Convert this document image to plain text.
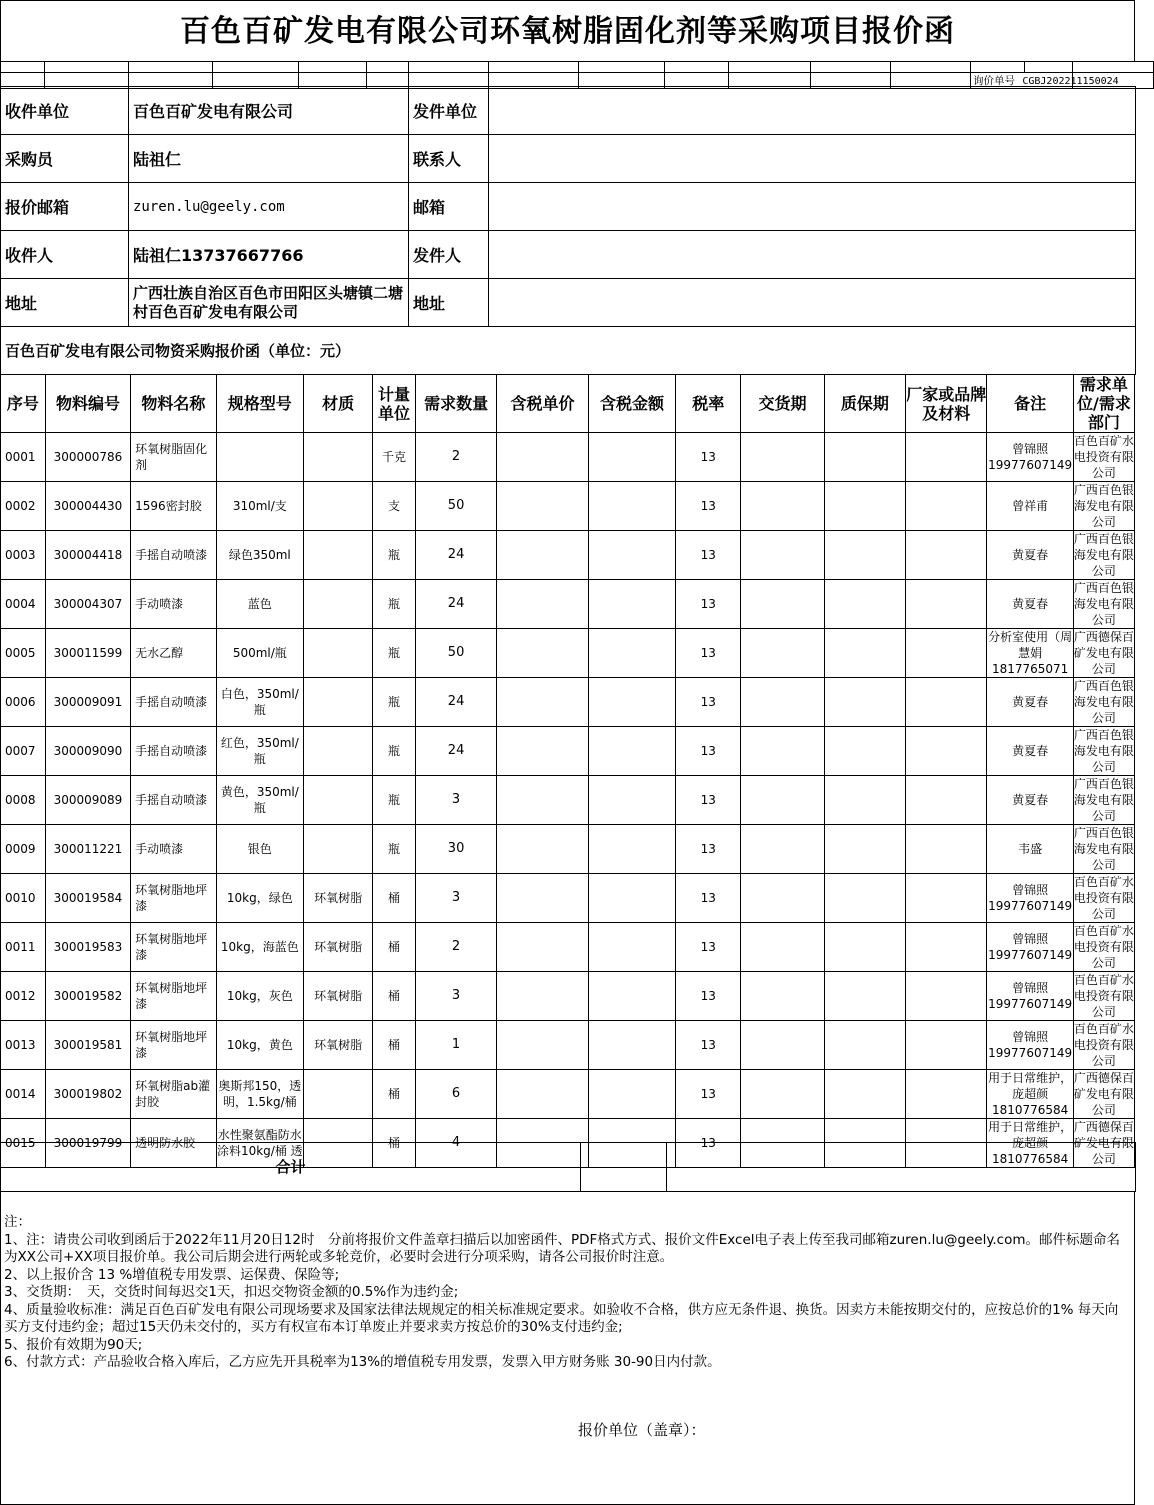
百色百矿发电有限公司环氧树脂固化剂等采购项目报价函

													询价单号 CGBJ202211150024		
收件单位	百色百矿发电有限公司	发件单位	
采购员	陆祖仁	联系人	
报价邮箱	zuren.lu@geely.com	邮箱	
收件人	陆祖仁13737667766	发件人	
地址	广西壮族自治区百色市田阳区头塘镇二塘村百色百矿发电有限公司	地址	
百色百矿发电有限公司物资采购报价函（单位：元）			
序号	物料编号	物料名称	规格型号	材质	计量单位	需求数量	含税单价	含税金额	税率	交货期	质保期	厂家或品牌及材料	备注	需求单位/需求部门
0001	300000786	环氧树脂固化剂			千克	2			13				曾锦照19977607149	百色百矿水电投资有限公司
0002	300004430	1596密封胶	310ml/支		支	50			13				曾祥甫	广西百色银海发电有限公司
0003	300004418	手摇自动喷漆	绿色350ml		瓶	24			13				黄夏春	广西百色银海发电有限公司
0004	300004307	手动喷漆	蓝色		瓶	24			13				黄夏春	广西百色银海发电有限公司
0005	300011599	无水乙醇	500ml/瓶		瓶	50			13				分析室使用（周慧娟1817765071	广西德保百矿发电有限公司
0006	300009091	手摇自动喷漆	白色，350ml/瓶		瓶	24			13				黄夏春	广西百色银海发电有限公司
0007	300009090	手摇自动喷漆	红色，350ml/瓶		瓶	24			13				黄夏春	广西百色银海发电有限公司
0008	300009089	手摇自动喷漆	黄色，350ml/瓶		瓶	3			13				黄夏春	广西百色银海发电有限公司
0009	300011221	手动喷漆	银色		瓶	30			13				韦盛	广西百色银海发电有限公司
0010	300019584	环氧树脂地坪漆	10kg，绿色	环氧树脂	桶	3			13				曾锦照19977607149	百色百矿水电投资有限公司
0011	300019583	环氧树脂地坪漆	10kg，海蓝色	环氧树脂	桶	2			13				曾锦照19977607149	百色百矿水电投资有限公司
0012	300019582	环氧树脂地坪漆	10kg，灰色	环氧树脂	桶	3			13				曾锦照19977607149	百色百矿水电投资有限公司
0013	300019581	环氧树脂地坪漆	10kg，黄色	环氧树脂	桶	1			13				曾锦照19977607149	百色百矿水电投资有限公司
0014	300019802	环氧树脂ab灌封胶	奥斯邦150，透明，1.5kg/桶		桶	6			13				用于日常维护，庞超颜1810776584	广西德保百矿发电有限公司
0015	300019799	透明防水胶	水性聚氨酯防水涂料10kg/桶 透		桶	4			13				用于日常维护，庞超颜1810776584	广西德保百矿发电有限公司
合计		

注：

1、注：请贵公司收到函后于2022年11月20日12时　分前将报价文件盖章扫描后以加密函件、PDF格式方式、报价文件Excel电子表上传至我司邮箱zuren.lu@geely.com。邮件标题命名为XX公司+XX项目报价单。我公司后期会进行两轮或多轮竞价，必要时会进行分项采购，请各公司报价时注意。

2、以上报价含 13 %增值税专用发票、运保费、保险等;

3、交货期：　天，交货时间每迟交1天，扣迟交物资金额的0.5%作为违约金;

4、质量验收标准：满足百色百矿发电有限公司现场要求及国家法律法规规定的相关标准规定要求。如验收不合格，供方应无条件退、换货。因卖方未能按期交付的，应按总价的1% 每天向买方支付违约金；超过15天仍未交付的，买方有权宣布本订单废止并要求卖方按总价的30%支付违约金;

5、报价有效期为90天;

6、付款方式：产品验收合格入库后，乙方应先开具税率为13%的增值税专用发票，发票入甲方财务账 30-90日内付款。

报价单位（盖章）：
